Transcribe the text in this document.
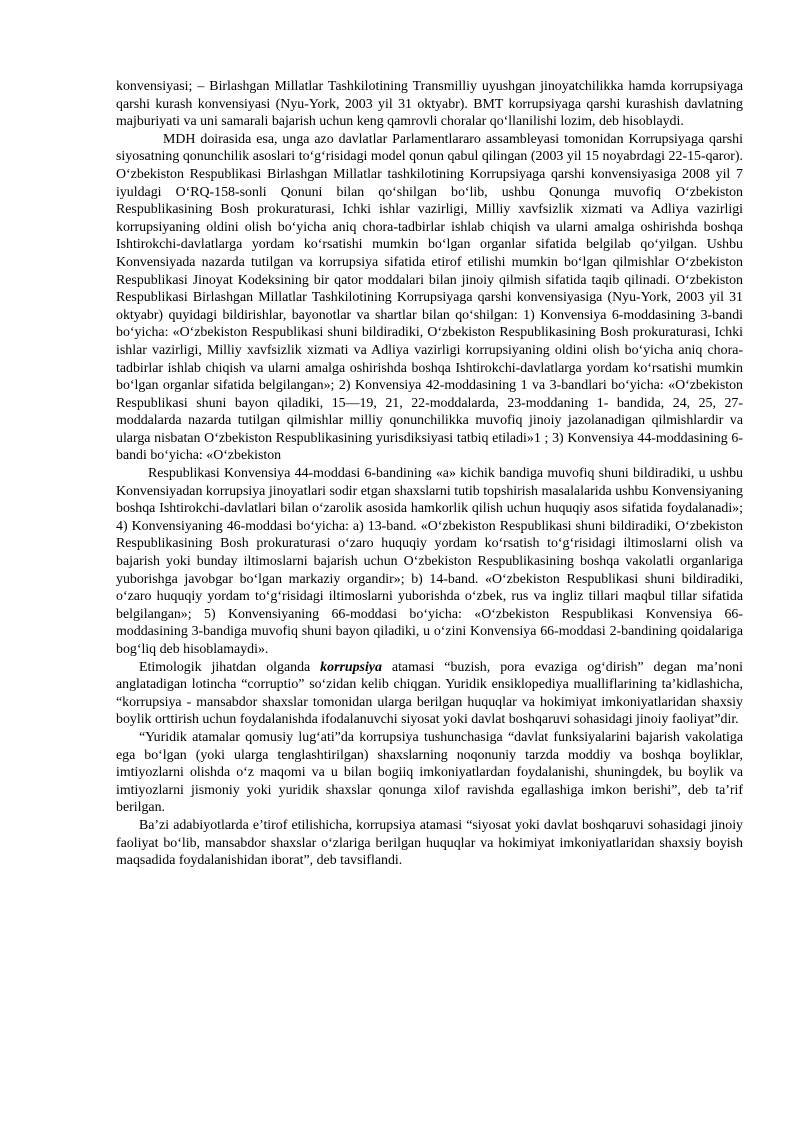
konvensiyasi; – Birlashgan Millatlar Tashkilotining Transmilliy uyushgan jinoyatchilikka hamda korrupsiyaga qarshi kurash konvensiyasi (Nyu-York, 2003 yil 31 oktyabr). BMT korrupsiyaga qarshi kurashish davlatning majburiyati va uni samarali bajarish uchun keng qamrovli choralar qo‘llanilishi lozim, deb hisoblaydi.

MDH doirasida esa, unga azo davlatlar Parlamentlararo assambleyasi tomonidan Korrupsiyaga qarshi siyosatning qonunchilik asoslari to‘g‘risidagi model qonun qabul qilingan (2003 yil 15 noyabrdagi 22-15-qaror). O‘zbekiston Respublikasi Birlashgan Millatlar tashkilotining Korrupsiyaga qarshi konvensiyasiga 2008 yil 7 iyuldagi O‘RQ-158-sonli Qonuni bilan qo‘shilgan bo‘lib, ushbu Qonunga muvofiq O‘zbekiston Respublikasining Bosh prokuraturasi, Ichki ishlar vazirligi, Milliy xavfsizlik xizmati va Adliya vazirligi korrupsiyaning oldini olish bo‘yicha aniq chora-tadbirlar ishlab chiqish va ularni amalga oshirishda boshqa Ishtirokchi-davlatlarga yordam ko‘rsatishi mumkin bo‘lgan organlar sifatida belgilab qo‘yilgan. Ushbu Konvensiyada nazarda tutilgan va korrupsiya sifatida etirof etilishi mumkin bo‘lgan qilmishlar O‘zbekiston Respublikasi Jinoyat Kodeksining bir qator moddalari bilan jinoiy qilmish sifatida taqib qilinadi. O‘zbekiston Respublikasi Birlashgan Millatlar Tashkilotining Korrupsiyaga qarshi konvensiyasiga (Nyu-York, 2003 yil 31 oktyabr) quyidagi bildirishlar, bayonotlar va shartlar bilan qo‘shilgan: 1) Konvensiya 6-moddasining 3-bandi bo‘yicha: «O‘zbekiston Respublikasi shuni bildiradiki, O‘zbekiston Respublikasining Bosh prokuraturasi, Ichki ishlar vazirligi, Milliy xavfsizlik xizmati va Adliya vazirligi korrupsiyaning oldini olish bo‘yicha aniq chora-tadbirlar ishlab chiqish va ularni amalga oshirishda boshqa Ishtirokchi-davlatlarga yordam ko‘rsatishi mumkin bo‘lgan organlar sifatida belgilangan»; 2) Konvensiya 42-moddasining 1 va 3-bandlari bo‘yicha: «O‘zbekiston Respublikasi shuni bayon qiladiki, 15—19, 21, 22-moddalarda, 23-moddaning 1- bandida, 24, 25, 27-moddalarda nazarda tutilgan qilmishlar milliy qonunchilikka muvofiq jinoiy jazolanadigan qilmishlardir va ularga nisbatan O‘zbekiston Respublikasining yurisdiksiyasi tatbiq etiladi»1 ; 3) Konvensiya 44-moddasining 6-bandi bo‘yicha: «O‘zbekiston

Respublikasi Konvensiya 44-moddasi 6-bandining «a» kichik bandiga muvofiq shuni bildiradiki, u ushbu Konvensiyadan korrupsiya jinoyatlari sodir etgan shaxslarni tutib topshirish masalalarida ushbu Konvensiyaning boshqa Ishtirokchi-davlatlari bilan o‘zarolik asosida hamkorlik qilish uchun huquqiy asos sifatida foydalanadi»; 4) Konvensiyaning 46-moddasi bo‘yicha: a) 13-band. «O‘zbekiston Respublikasi shuni bildiradiki, O‘zbekiston Respublikasining Bosh prokuraturasi o‘zaro huquqiy yordam ko‘rsatish to‘g‘risidagi iltimoslarni olish va bajarish yoki bunday iltimoslarni bajarish uchun O‘zbekiston Respublikasining boshqa vakolatli organlariga yuborishga javobgar bo‘lgan markaziy organdir»; b) 14-band. «O‘zbekiston Respublikasi shuni bildiradiki, o‘zaro huquqiy yordam to‘g‘risidagi iltimoslarni yuborishda o‘zbek, rus va ingliz tillari maqbul tillar sifatida belgilangan»; 5) Konvensiyaning 66-moddasi bo‘yicha: «O‘zbekiston Respublikasi Konvensiya 66-moddasining 3-bandiga muvofiq shuni bayon qiladiki, u o‘zini Konvensiya 66-moddasi 2-bandining qoidalariga bog‘liq deb hisoblamaydi».

Etimologik jihatdan olganda korrupsiya atamasi “buzish, pora evaziga og‘dirish” degan ma’noni anglatadigan lotincha “corruptio” so‘zidan kelib chiqgan. Yuridik ensiklopediya mualliflarining ta’kidlashicha, “korrupsiya - mansabdor shaxslar tomonidan ularga berilgan huquqlar va hokimiyat imkoniyatlaridan shaxsiy boylik orttirish uchun foydalanishda ifodalanuvchi siyosat yoki davlat boshqaruvi sohasidagi jinoiy faoliyat”dir.

“Yuridik atamalar qomusiy lug‘ati”da korrupsiya tushunchasiga “davlat funksiyalarini bajarish vakolatiga ega bo‘lgan (yoki ularga tenglashtirilgan) shaxslarning noqonuniy tarzda moddiy va boshqa boyliklar, imtiyozlarni olishda o‘z maqomi va u bilan bogiiq imkoniyatlardan foydalanishi, shuningdek, bu boylik va imtiyozlarni jismoniy yoki yuridik shaxslar qonunga xilof ravishda egallashiga imkon berishi”, deb ta’rif berilgan.

Ba’zi adabiyotlarda e’tirof etilishicha, korrupsiya atamasi “siyosat yoki davlat boshqaruvi sohasidagi jinoiy faoliyat bo‘lib, mansabdor shaxslar o‘zlariga berilgan huquqlar va hokimiyat imkoniyatlaridan shaxsiy boyish maqsadida foydalanishidan iborat”, deb tavsiflandi.
